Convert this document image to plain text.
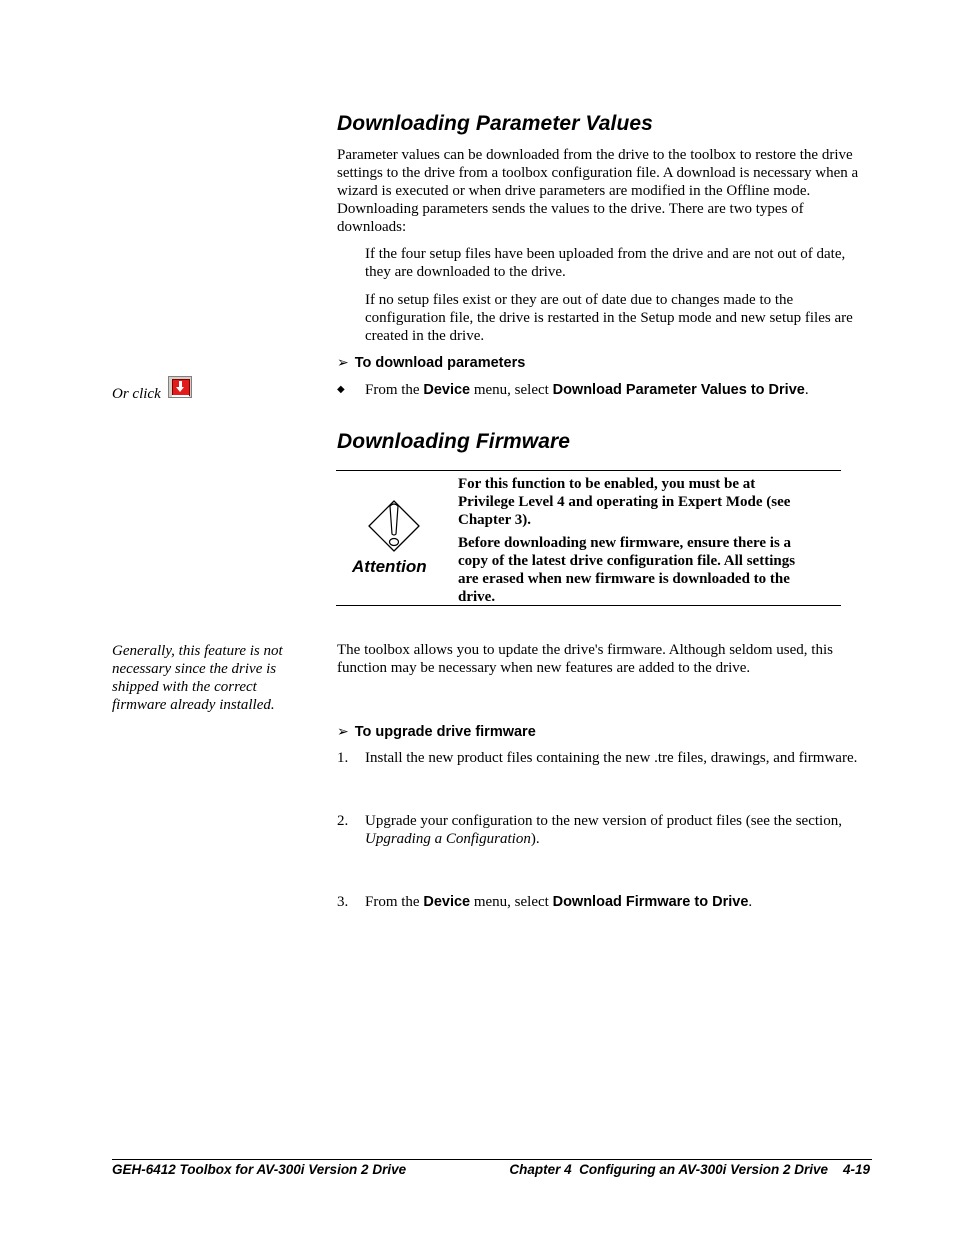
Downloading Parameter Values
Parameter values can be downloaded from the drive to the toolbox to restore the drive settings to the drive from a toolbox configuration file. A download is necessary when a wizard is executed or when drive parameters are modified in the Offline mode. Downloading parameters sends the values to the drive. There are two types of downloads:
If the four setup files have been uploaded from the drive and are not out of date, they are downloaded to the drive.
If no setup files exist or they are out of date due to changes made to the configuration file, the drive is restarted in the Setup mode and new setup files are created in the drive.
➢ To download parameters
Or click	◆ From the Device menu, select Download Parameter Values to Drive.
Downloading Firmware
Attention
For this function to be enabled, you must be at Privilege Level 4 and operating in Expert Mode (see Chapter 3).
Before downloading new firmware, ensure there is a copy of the latest drive configuration file. All settings are erased when new firmware is downloaded to the drive.
Generally, this feature is not necessary since the drive is shipped with the correct firmware already installed.
The toolbox allows you to update the drive's firmware. Although seldom used, this function may be necessary when new features are added to the drive.
➢ To upgrade drive firmware
1. Install the new product files containing the new .tre files, drawings, and firmware.
2. Upgrade your configuration to the new version of product files (see the section, Upgrading a Configuration).
3. From the Device menu, select Download Firmware to Drive.
GEH-6412 Toolbox for AV-300i Version 2 Drive	Chapter 4  Configuring an AV-300i Version 2 Drive    4-19
